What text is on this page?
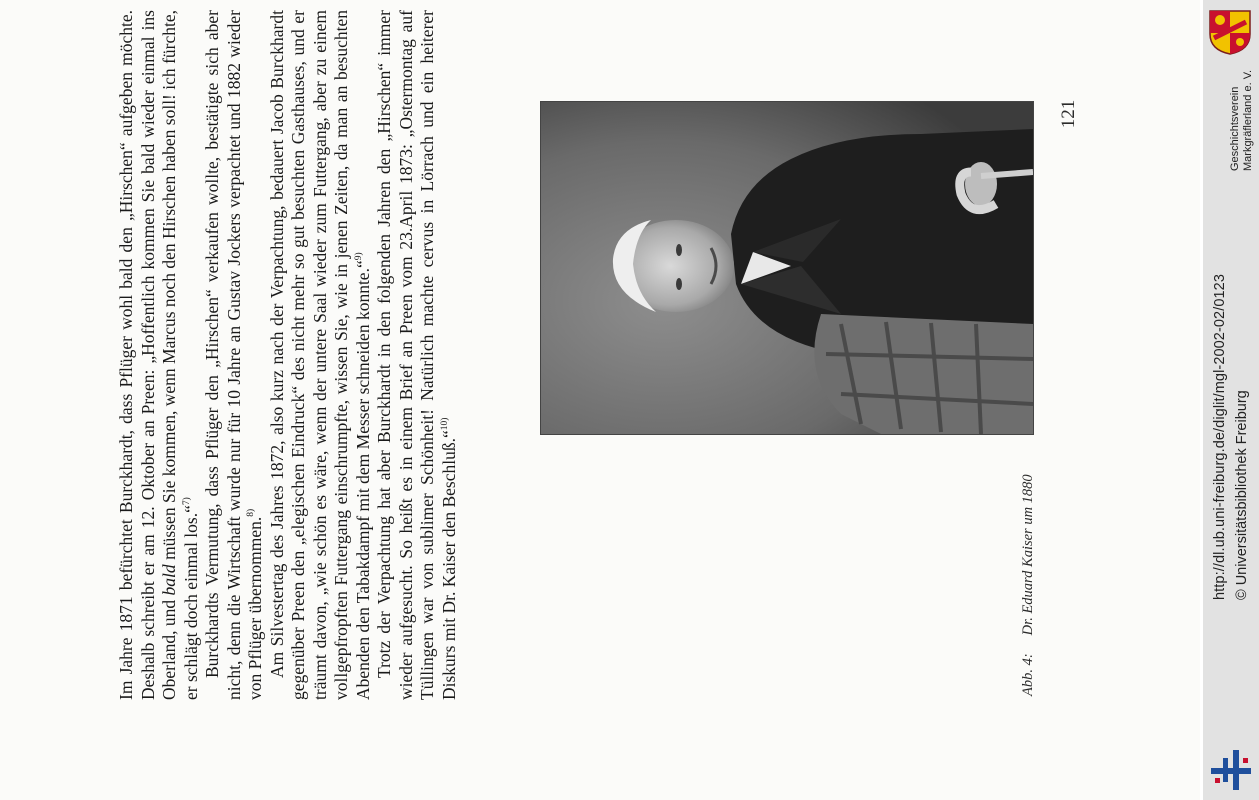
Im Jahre 1871 befürchtet Burckhardt, dass Pflüger wohl bald den „Hirschen“ aufgeben möchte. Deshalb schreibt er am 12. Oktober an Preen: „Hoffentlich kommen Sie bald wieder einmal ins Oberland, und bald müssen Sie kommen, wenn Marcus noch den Hirschen haben soll! ich fürchte, er schlägt doch einmal los.“$^{7)}$ Burckhardts Vermutung, dass Pflüger den „Hirschen“ verkaufen wollte, bestätigte sich aber nicht, denn die Wirtschaft wurde nur für 10 Jahre an Gustav Jockers verpachtet und 1882 wieder von Pflüger übernommen.$^{8)}$ Am Silvestertag des Jahres 1872, also kurz nach der Verpachtung, bedauert Jacob Burckhardt gegenüber Preen den „elegischen Eindruck“ des nicht mehr so gut besuchten Gasthauses, und er träumt davon, „wie schön es wäre, wenn der untere Saal wieder zum Futtergang, aber zu einem vollgepfropften Futtergang einschrumpfte, wissen Sie, wie in jenen Zeiten, da man an besuchten Abenden den Tabakdampf mit dem Messer schneiden konnte.“$^{9)}$ Trotz der Verpachtung hat aber Burckhardt in den folgenden Jahren den „Hirschen“ immer wieder aufgesucht. So heißt es in einem Brief an Preen vom 23.April 1873: „Ostermontag auf Tüllingen war von sublimer Schönheit! Natürlich machte cervus in Lörrach und ein heiterer Diskurs mit Dr. Kaiser den Beschluß.“$^{10)}$

Abb. 4:Dr. Eduard Kaiser um 1880
121	Geschichtsverein Markgräflerland e. V.
http://dl.ub.uni-freiburg.de/diglit/mgl-2002-02/0123 © Universitätsbibliothek Freiburg
